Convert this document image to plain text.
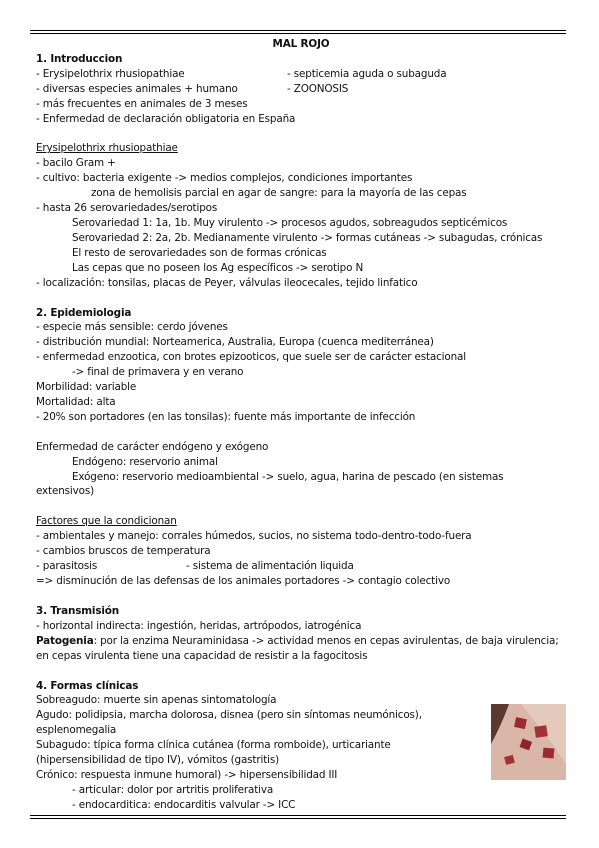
MAL ROJO
1. Introduccion
- Erysipelothrix rhusiopathiae
- diversas especies animales + humano
- septicemia aguda o subaguda
- ZOONOSIS
- más frecuentes en animales de 3 meses
- Enfermedad de declaración obligatoria en España
Erysipelothrix rhusiopathiae
- bacilo Gram +
- cultivo: bacteria exigente -> medios complejos, condiciones importantes
zona de hemolisis parcial en agar de sangre: para la mayoría de las cepas
- hasta 26 serovariedades/serotipos
Serovariedad 1: 1a, 1b. Muy virulento -> procesos agudos, sobreagudos septicémicos
Serovariedad 2: 2a, 2b. Medianamente virulento -> formas cutáneas -> subagudas, crónicas
El resto de serovariedades son de formas crónicas
Las cepas que no poseen los Ag específicos -> serotipo N
- localización: tonsilas, placas de Peyer, válvulas ileocecales, tejido linfatico
2. Epidemiologia
- especie más sensible: cerdo jóvenes
- distribución mundial: Norteamerica, Australia, Europa (cuenca mediterránea)
- enfermedad enzootica, con brotes epizooticos, que suele ser de carácter estacional
-> final de primavera y en verano
Morbilidad: variable
Mortalidad: alta
- 20% son portadores (en las tonsilas): fuente más importante de infección
Enfermedad de carácter endógeno y exógeno
Endógeno: reservorio animal
Exógeno: reservorio medioambiental -> suelo, agua, harina de pescado (en sistemas
extensivos)
Factores que la condicionan
- ambientales y manejo: corrales húmedos, sucios, no sistema todo-dentro-todo-fuera
- cambios bruscos de temperatura
- parasitosis	- sistema de alimentación liquida
=> disminución de las defensas de los animales portadores -> contagio colectivo
3. Transmisión
- horizontal indirecta: ingestión, heridas, artrópodos, iatrogénica
Patogenia: por la enzima Neuraminidasa -> actividad menos en cepas avirulentas, de baja virulencia;
en cepas virulenta tiene una capacidad de resistir a la fagocitosis
4. Formas clínicas
Sobreagudo: muerte sin apenas sintomatología
Agudo: polidipsia, marcha dolorosa, disnea (pero sin síntomas neumónicos),
esplenomegalia
Subagudo: típica forma clínica cutánea (forma romboide), urticariante
(hipersensibilidad de tipo IV), vómitos (gastritis)
Crónico: respuesta inmune humoral) -> hipersensibilidad III
- articular: dolor por artritis proliferativa
- endocarditica: endocarditis valvular -> ICC
